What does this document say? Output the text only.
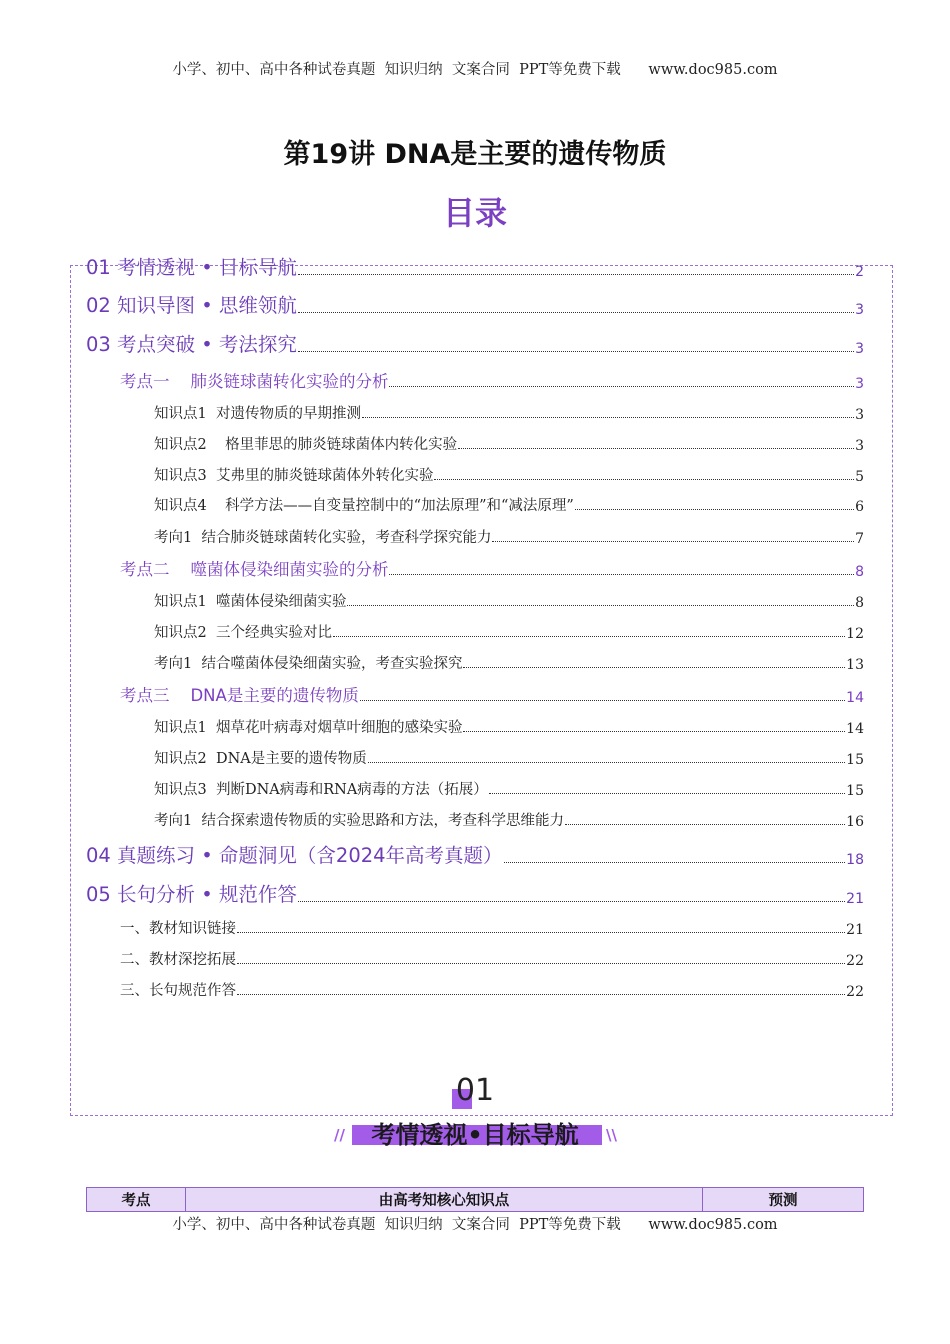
小学、初中、高中各种试卷真题  知识归纳  文案合同  PPT等免费下载      www.doc985.com
第19讲 DNA是主要的遗传物质
目录
01 考情透视 • 目标导航	2
02 知识导图 • 思维领航	3
03 考点突破 • 考法探究	3
考点一    肺炎链球菌转化实验的分析	3
知识点1  对遗传物质的早期推测	3
知识点2    格里菲思的肺炎链球菌体内转化实验	3
知识点3  艾弗里的肺炎链球菌体外转化实验	5
知识点4    科学方法——自变量控制中的“加法原理”和“减法原理”	6
考向1  结合肺炎链球菌转化实验，考查科学探究能力	7
考点二    噬菌体侵染细菌实验的分析	8
知识点1  噬菌体侵染细菌实验	8
知识点2  三个经典实验对比	12
考向1  结合噬菌体侵染细菌实验，考查实验探究	13
考点三    DNA是主要的遗传物质	14
知识点1  烟草花叶病毒对烟草叶细胞的感染实验	14
知识点2  DNA是主要的遗传物质	15
知识点3  判断DNA病毒和RNA病毒的方法（拓展）	15
考向1  结合探索遗传物质的实验思路和方法，考查科学思维能力	16
04 真题练习 • 命题洞见（含2024年高考真题）	18
05 长句分析 • 规范作答	21
一、教材知识链接	21
二、教材深挖拓展	22
三、长句规范作答	22
01
//	\\
考情透视•目标导航
考点	由高考知核心知识点	预测
小学、初中、高中各种试卷真题  知识归纳  文案合同  PPT等免费下载      www.doc985.com
